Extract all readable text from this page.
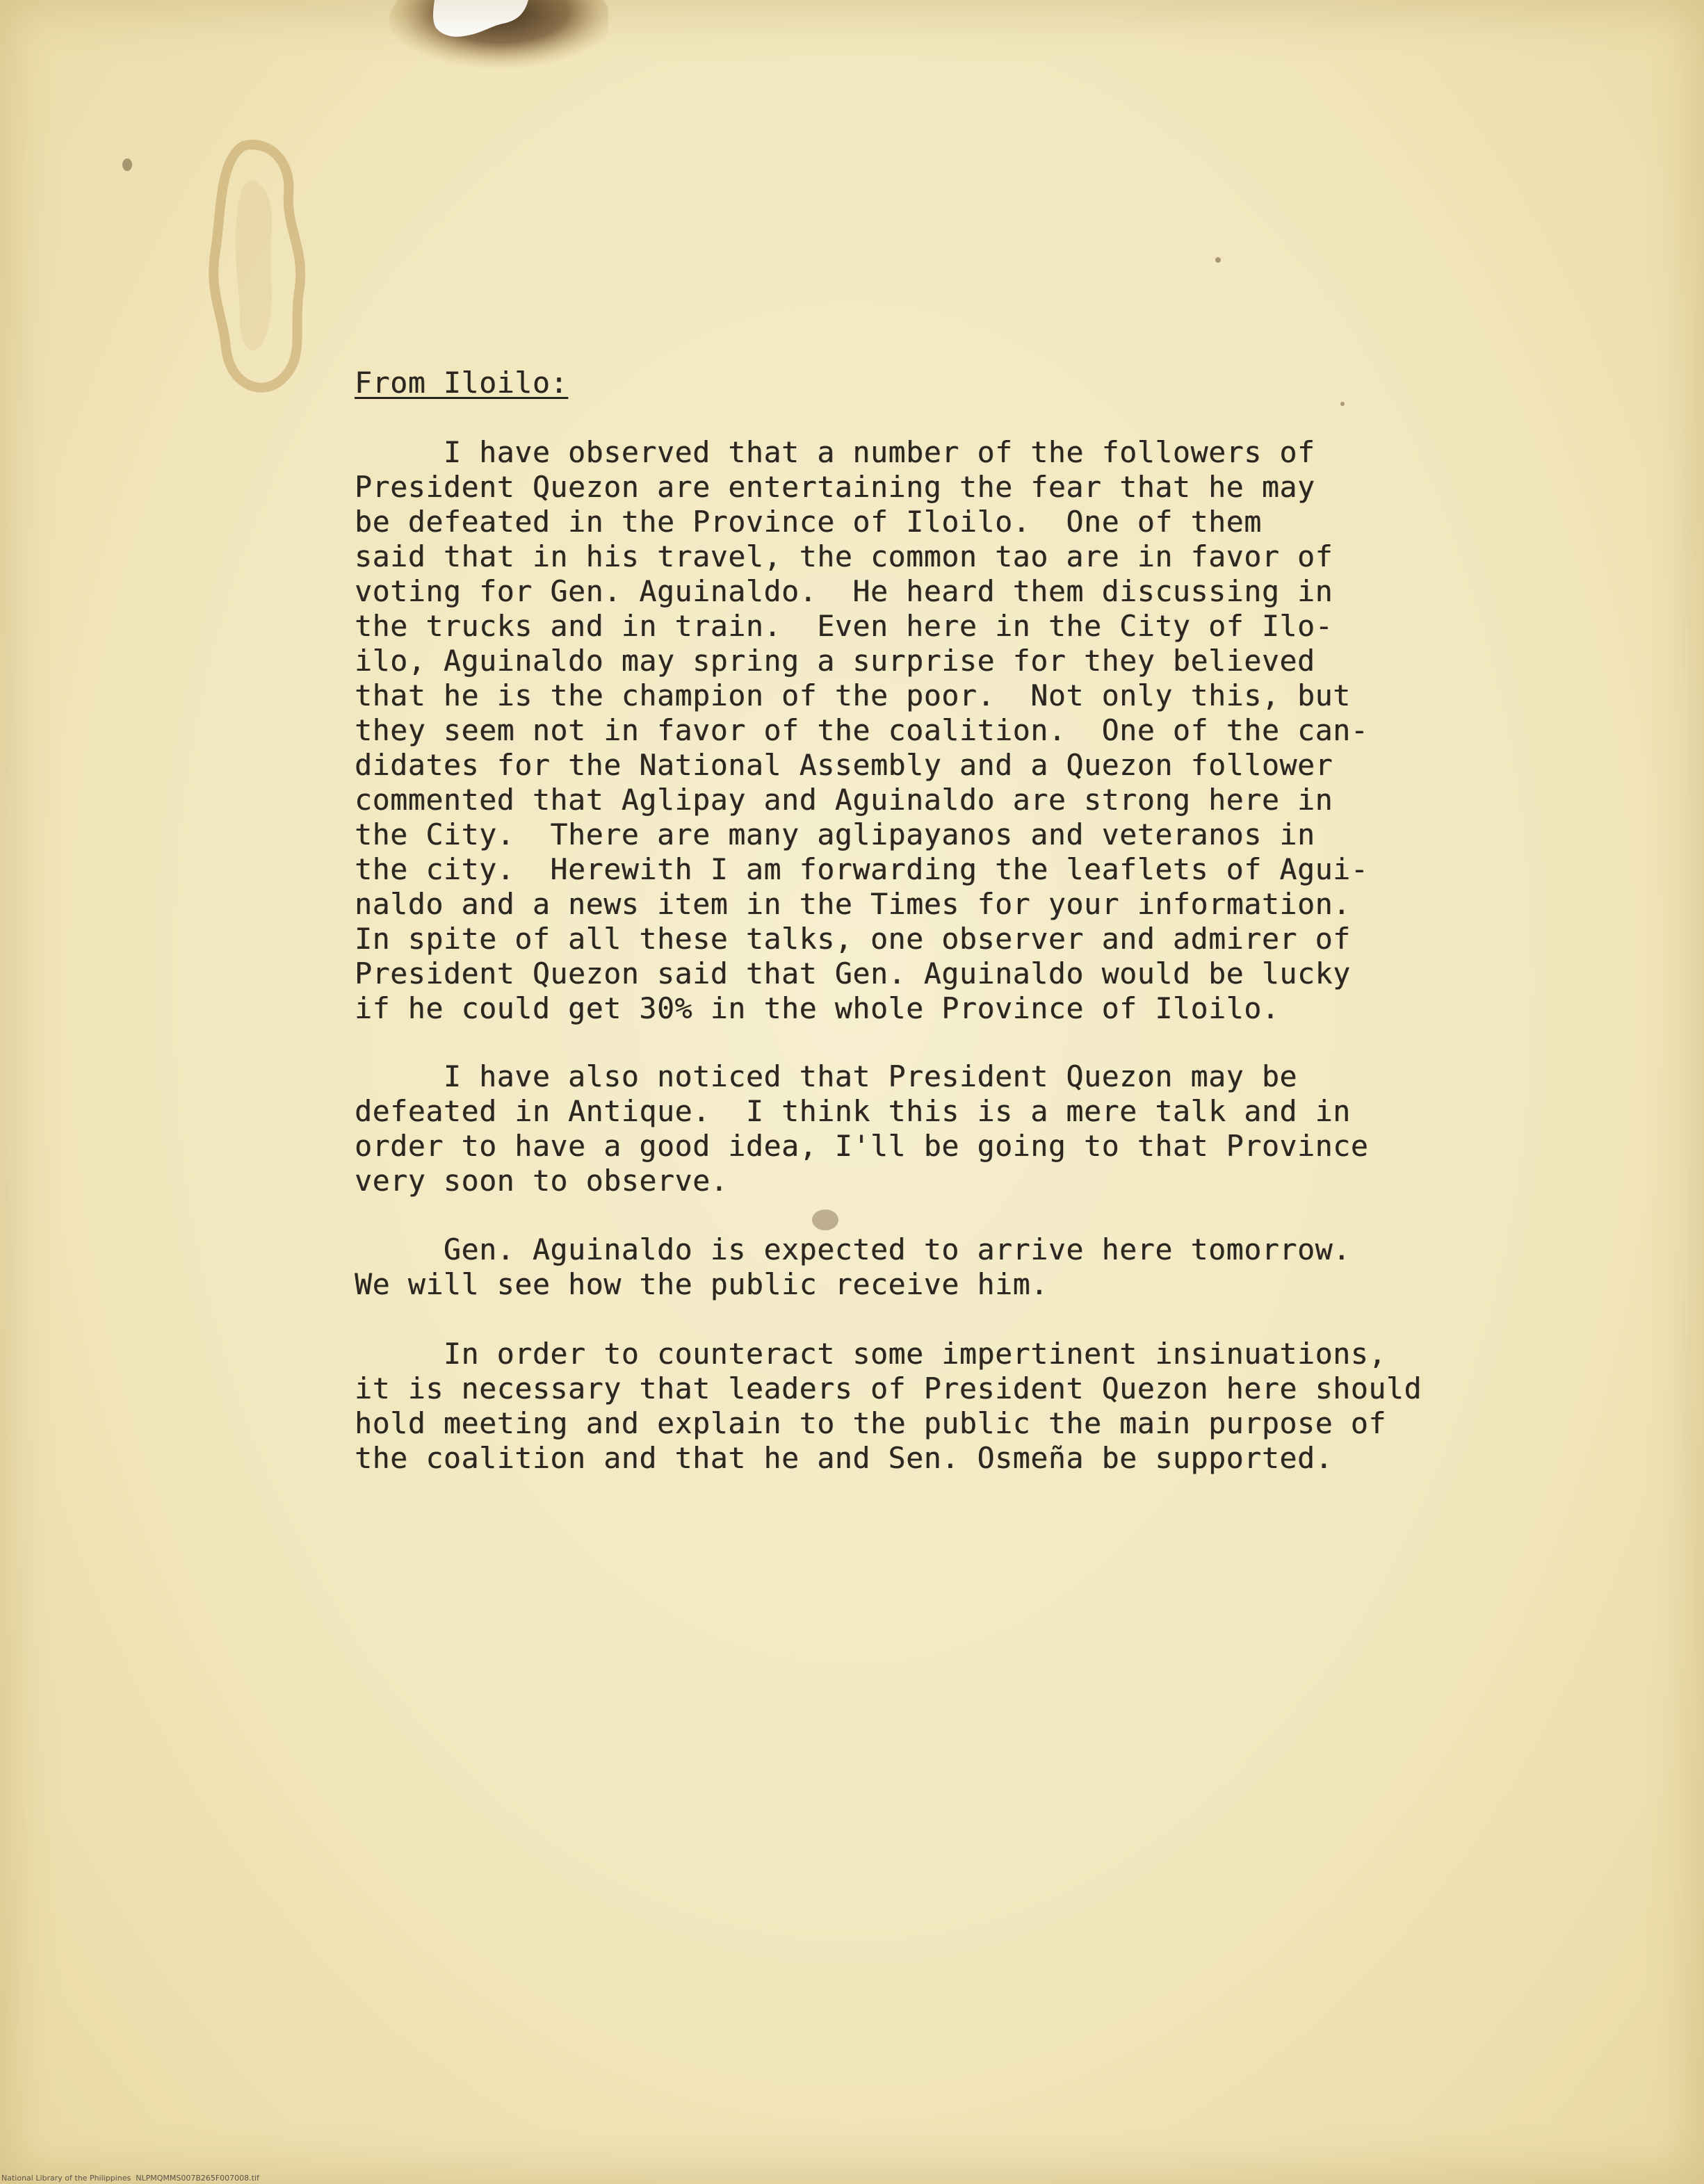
From Iloilo:
I have observed that a number of the followers of
President Quezon are entertaining the fear that he may
be defeated in the Province of Iloilo.  One of them
said that in his travel, the common tao are in favor of
voting for Gen. Aguinaldo.  He heard them discussing in
the trucks and in train.  Even here in the City of Ilo-
ilo, Aguinaldo may spring a surprise for they believed
that he is the champion of the poor.  Not only this, but
they seem not in favor of the coalition.  One of the can-
didates for the National Assembly and a Quezon follower
commented that Aglipay and Aguinaldo are strong here in
the City.  There are many aglipayanos and veteranos in
the city.  Herewith I am forwarding the leaflets of Agui-
naldo and a news item in the Times for your information.
In spite of all these talks, one observer and admirer of
President Quezon said that Gen. Aguinaldo would be lucky
if he could get 30% in the whole Province of Iloilo.
I have also noticed that President Quezon may be
defeated in Antique.  I think this is a mere talk and in
order to have a good idea, I'll be going to that Province
very soon to observe.
Gen. Aguinaldo is expected to arrive here tomorrow.
We will see how the public receive him.
In order to counteract some impertinent insinuations,
it is necessary that leaders of President Quezon here should
hold meeting and explain to the public the main purpose of
the coalition and that he and Sen. Osmeña be supported.
National Library of the Philippines NLPMQMMS007B265F007008.tif
